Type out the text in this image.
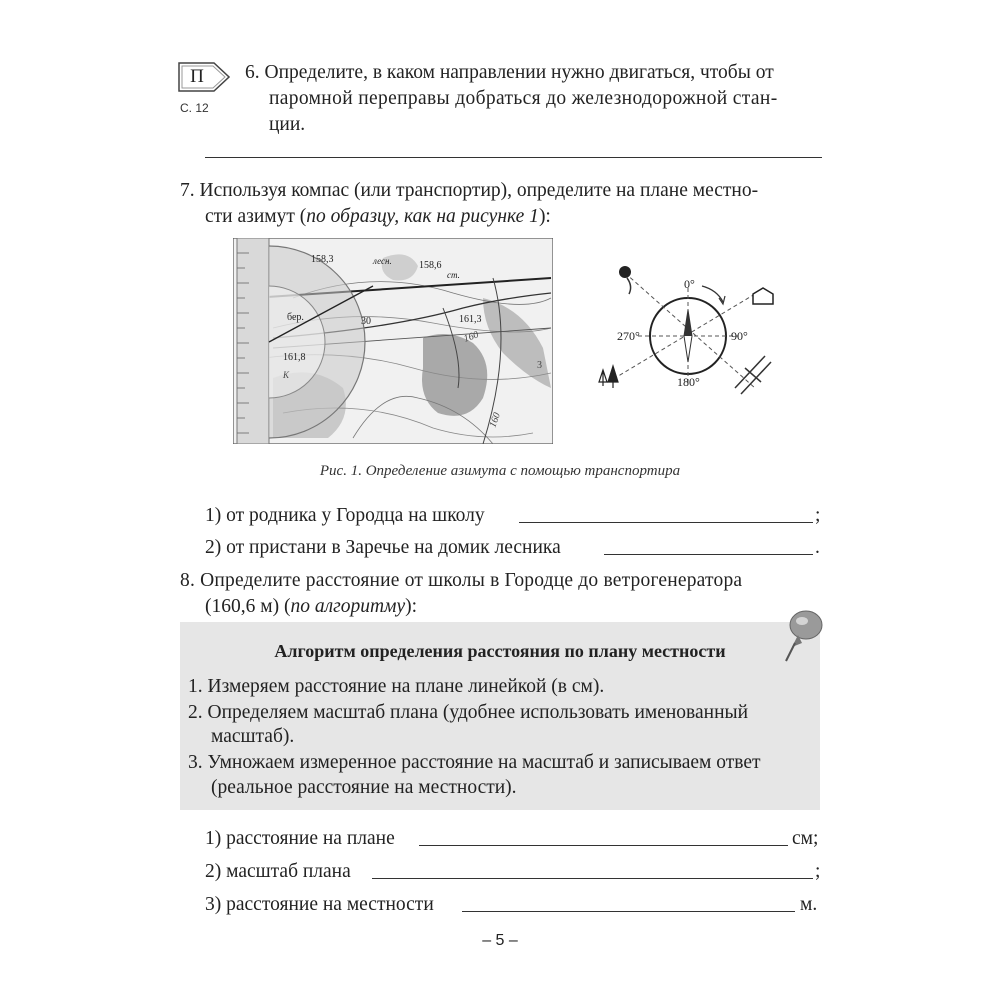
П
С. 12
6. Определите, в каком направлении нужно двигаться, чтобы от
паромной переправы добраться до железнодорожной стан-
ции.
7. Используя компас (или транспортир), определите на плане местно-
сти азимут (по образцу, как на рисунке 1):
158,3	лесн.	158,6
ст.
бер.	30	161,3
160
161,8
К
160
3
0°
90°
180°
270°
Рис. 1. Определение азимута с помощью транспортира
1) от родника у Городца на школу	;
2) от пристани в Заречье на домик лесника	.
8. Определите расстояние от школы в Городце до ветрогенератора
(160,6 м) (по алгоритму):
Алгоритм определения расстояния по плану местности
1. Измеряем расстояние на плане линейкой (в см).
2. Определяем масштаб плана (удобнее использовать именованный
масштаб).
3. Умножаем измеренное расстояние на масштаб и записываем ответ
(реальное расстояние на местности).
1) расстояние на плане	см;
2) масштаб плана	;
3) расстояние на местности	м.
– 5 –
